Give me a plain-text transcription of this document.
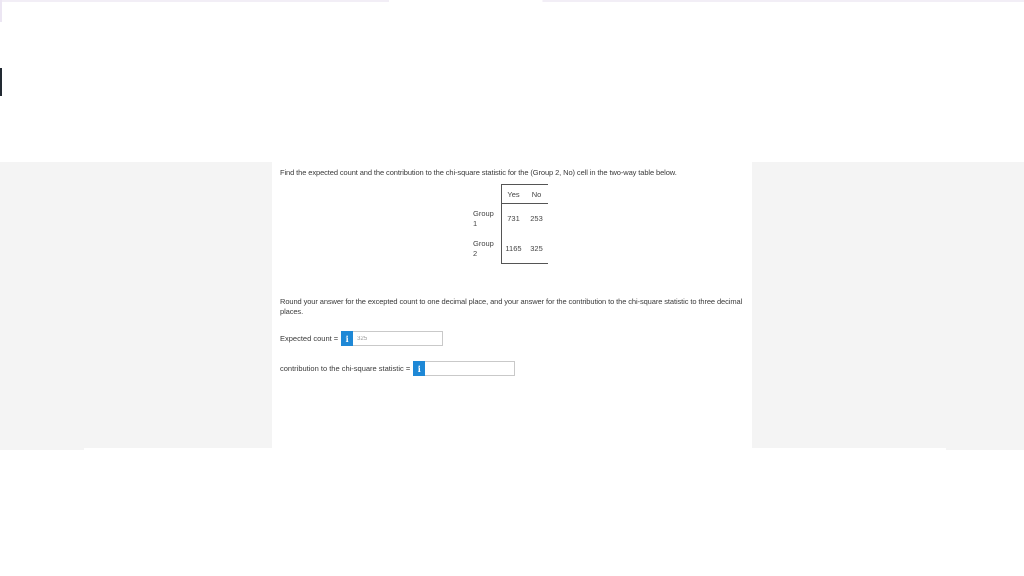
Find the expected count and the contribution to the chi-square statistic for the (Group 2, No) cell in the two-way table below.
	Yes	No
Group
1	731	253
Group
2	1165	325
Round your answer for the excepted count to one decimal place, and your answer for the contribution to the chi-square statistic to three decimal places.
Expected count = i
325
contribution to the chi-square statistic = i
